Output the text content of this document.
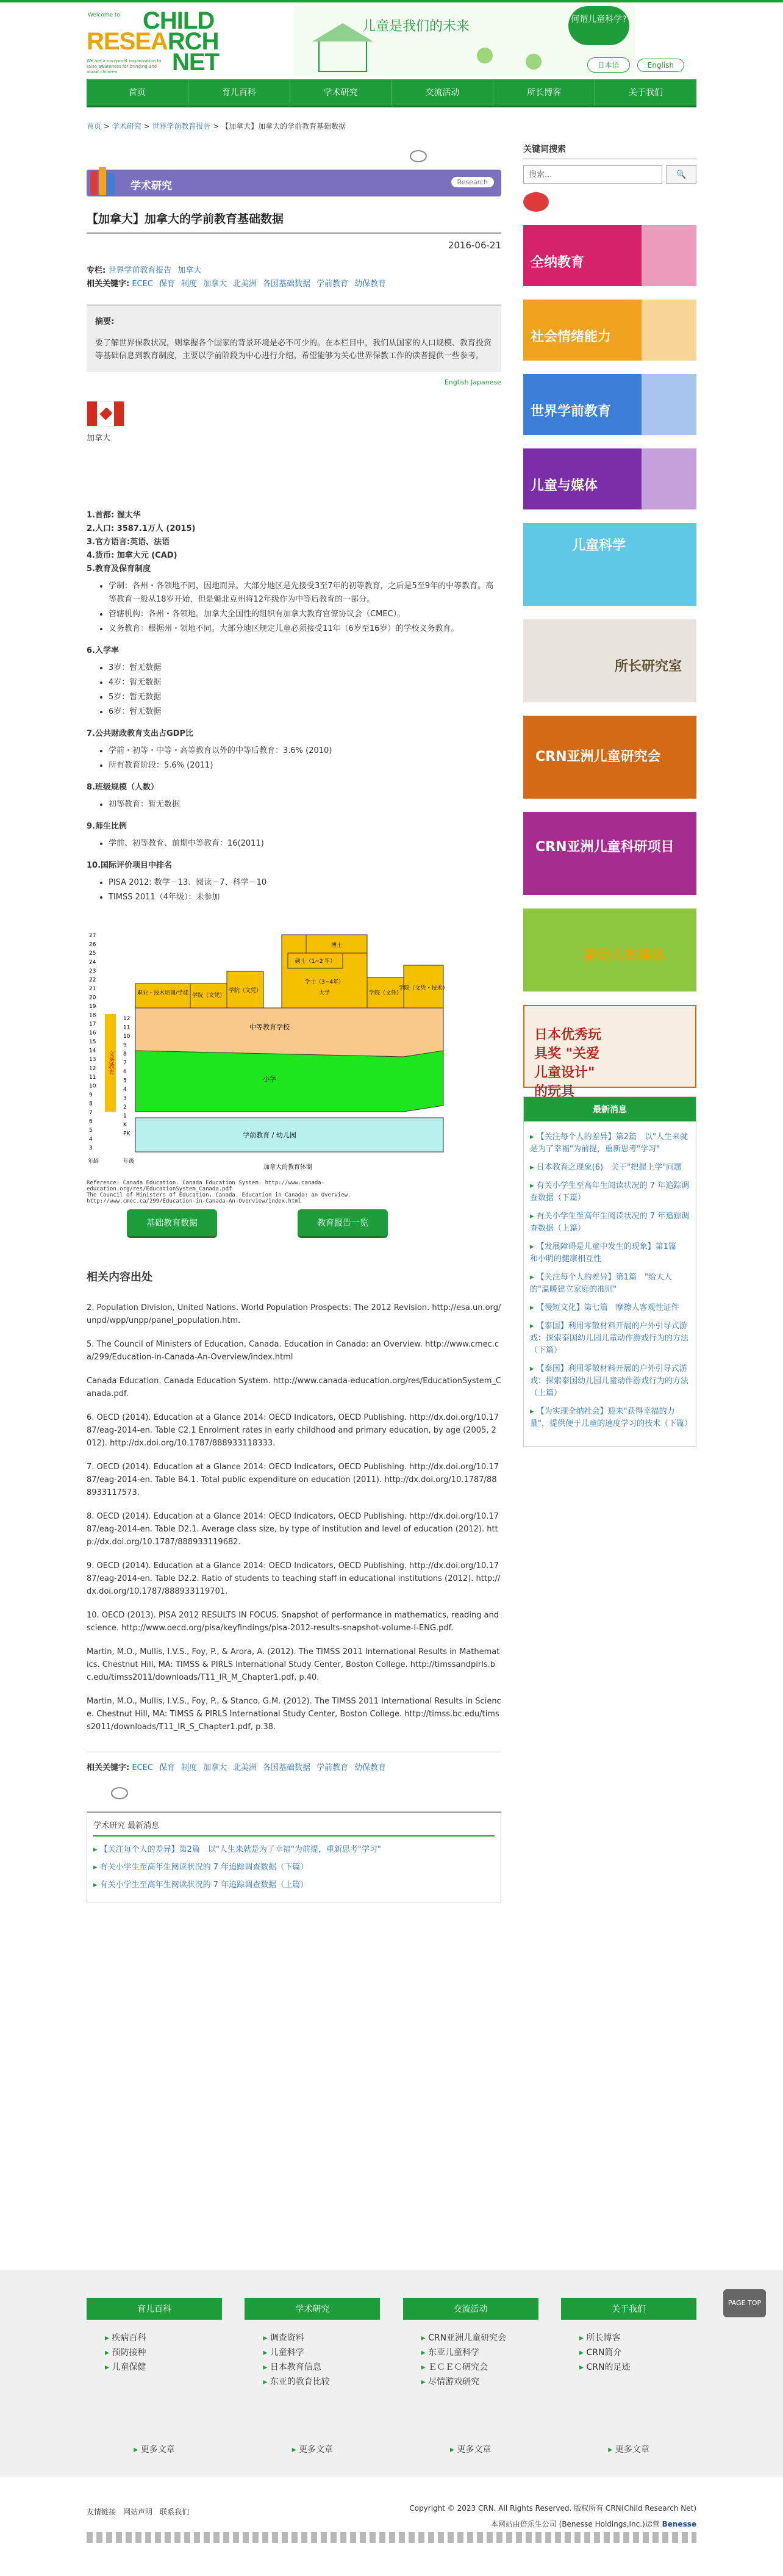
Welcome to CHILD
RESEARCH
NET
We are a non-profit organization to raise awareness for bringing and about children
儿童是我们的未来	何谓儿童科学?
日本语	English
首页	育儿百科	学术研究	交流活动	所长博客	关于我们
首页 > 学术研究 > 世界学前教育报告 > 【加拿大】加拿大的学前教育基础数据
学术研究	Research
【加拿大】加拿大的学前教育基础数据
2016-06-21
专栏: 世界学前教育报告 加拿大
相关关键字: ECEC 保育 制度 加拿大 北美洲 各国基础数据 学前教育 幼保教育
摘要:
要了解世界保教状况，则掌握各个国家的背景环境是必不可少的。在本栏目中，我们从国家的人口规模、教育投资等基础信息到教育制度，主要以学前阶段为中心进行介绍。希望能够为关心世界保教工作的读者提供一些参考。
English Japanese
加拿大
1.首都: 渥太华
2.人口: 3587.1万人 (2015)
3.官方语言:英语、法语
4.货币: 加拿大元 (CAD)
5.教育及保育制度
• 学制：各州・各领地不同，因地而异。大部分地区是先接受3至7年的初等教育，之后是5至9年的中等教育。高等教育一般从18岁开始，但是魁北克州将12年级作为中等后教育的一部分。
• 管辖机构：各州・各领地。加拿大全国性的组织有加拿大教育官僚协议会（CMEC）。
• 义务教育：根据州・领地不同。大部分地区规定儿童必须接受11年（6岁至16岁）的学校义务教育。
6.入学率
• 3岁：暂无数据
• 4岁：暂无数据
• 5岁：暂无数据
• 6岁：暂无数据
7.公共财政教育支出占GDP比
• 学前・初等・中等・高等教育以外的中等后教育：3.6% (2010)
• 所有教育阶段：5.6% (2011)
8.班级规模（人数）
• 初等教育：暂无数据
9.师生比例
• 学前、初等教育、前期中等教育：16(2011)
10.国际评价项目中排名
• PISA 2012: 数学－13、阅读－7、科学－10
• TIMSS 2011（4年级）：未参加
27
26
25
24
23
22
21
20
19
18
17
16
15
14
13
12
11
10
9
8
7
6
5
4
3
12
11
10
9
8
7
6
5
4
3
2
1
K
PK
义务教育
学前教育 / 幼儿园
小学
中等教育学校
职业・技术培训/学徒 学院（文凭）
学院（文凭）
博士
硕士（1~2 年）
学士（3~4年）
大学	学院（文凭）
学院（文凭・技术）
年龄	年级
加拿大的教育体制
Reference: Canada Education. Canada Education System. http://www.canada-education.org/res/EducationSystem_Canada.pdf
The Council of Ministers of Education, Canada. Education in Canada: an Overview. http://www.cmec.ca/299/Education-in-Canada-An-Overview/index.html
基础教育数据	教育报告一览
相关内容出处

2. Population Division, United Nations. World Population Prospects: The 2012 Revision. http://esa.un.org/unpd/wpp/unpp/panel_population.htm.

5. The Council of Ministers of Education, Canada. Education in Canada: an Overview. http://www.cmec.ca/299/Education-in-Canada-An-Overview/index.html

Canada Education. Canada Education System. http://www.canada-education.org/res/EducationSystem_Canada.pdf.

6. OECD (2014). Education at a Glance 2014: OECD Indicators, OECD Publishing. http://dx.doi.org/10.1787/eag-2014-en. Table C2.1 Enrolment rates in early childhood and primary education, by age (2005, 2012). http://dx.doi.org/10.1787/888933118333.

7. OECD (2014). Education at a Glance 2014: OECD Indicators, OECD Publishing. http://dx.doi.org/10.1787/eag-2014-en. Table B4.1. Total public expenditure on education (2011). http://dx.doi.org/10.1787/888933117573.

8. OECD (2014). Education at a Glance 2014: OECD Indicators, OECD Publishing. http://dx.doi.org/10.1787/eag-2014-en. Table D2.1. Average class size, by type of institution and level of education (2012). http://dx.doi.org/10.1787/888933119682.

9. OECD (2014). Education at a Glance 2014: OECD Indicators, OECD Publishing. http://dx.doi.org/10.1787/eag-2014-en. Table D2.2. Ratio of students to teaching staff in educational institutions (2012). http://dx.doi.org/10.1787/888933119701.

10. OECD (2013). PISA 2012 RESULTS IN FOCUS. Snapshot of performance in mathematics, reading and science. http://www.oecd.org/pisa/keyfindings/pisa-2012-results-snapshot-volume-I-ENG.pdf.

Martin, M.O., Mullis, I.V.S., Foy, P., & Arora, A. (2012). The TIMSS 2011 International Results in Mathematics. Chestnut Hill, MA: TIMSS & PIRLS International Study Center, Boston College. http://timssandpirls.bc.edu/timss2011/downloads/T11_IR_M_Chapter1.pdf, p.40.

Martin, M.O., Mullis, I.V.S., Foy, P., & Stanco, G.M. (2012). The TIMSS 2011 International Results in Science. Chestnut Hill, MA: TIMSS & PIRLS International Study Center, Boston College. http://timss.bc.edu/timss2011/downloads/T11_IR_S_Chapter1.pdf, p.38.

相关关键字: ECEC 保育 制度 加拿大 北美洲 各国基础数据 学前教育 幼保教育
学术研究 最新消息
▸ 【关注每个人的差异】第2篇　以"人生来就是为了幸福"为前提，重新思考"学习"
▸ 有关小学生至高年生阅读状况的 7 年追踪调查数据（下篇）
▸ 有关小学生至高年生阅读状况的 7 年追踪调查数据（上篇）
关键词搜索
搜索...
🔍
全纳教育
社会情绪能力
世界学前教育
儿童与媒体
儿童科学
所长研究室
CRN亚洲儿童研究会
CRN亚洲儿童科研项目
婴幼儿和媒体
日本优秀玩具奖 "关爱儿童设计" 的玩具
最新消息
▸ 【关注每个人的差异】第2篇　以"人生来就是为了幸福"为前提，重新思考"学习"
▸ 日本教育之现象(6)　关于"把握上学"问题
▸ 有关小学生至高年生阅读状况的 7 年追踪调查数据（下篇）
▸ 有关小学生至高年生阅读状况的 7 年追踪调查数据（上篇）
▸ 【发展障碍是儿童中发生的现象】第1篇　和小明的健康相互性
▸ 【关注每个人的差异】第1篇　"给大人的"温暖建立家庭的准则"
▸ 【慢短文化】第七篇　摩擦人客观性证件
▸ 【泰国】利用零散材料开展的户外引导式游戏：探索泰国幼儿园儿童动作游戏行为的方法（下篇）
▸ 【泰国】利用零散材料开展的户外引导式游戏：探索泰国幼儿园儿童动作游戏行为的方法（上篇）
▸ 【为实现全纳社会】迎来"获得幸福的力量"，提供便于儿童的速度学习的技术（下篇）
育儿百科
▸ 疾病百科
▸ 预防接种
▸ 儿童保健
▸ 更多文章
学术研究
▸ 调查资料
▸ 儿童科学
▸ 日本教育信息
▸ 东亚的教育比较
▸ 更多文章
交流活动
▸ CRN亚洲儿童研究会
▸ 东亚儿童科学
▸ ＥＣＥＣ研究会
▸ 尽情游戏研究
▸ 更多文章
关于我们
▸ 所长博客
▸ CRN简介
▸ CRN的足迹
▸ 更多文章
友情链接 网站声明 联系我们	Copyright © 2023 CRN. All Rights Reserved. 版权所有 CRN(Child Research Net)
本网站由倍乐生公司 (Benesse Holdings,Inc.)运营 Benesse
PAGE TOP
